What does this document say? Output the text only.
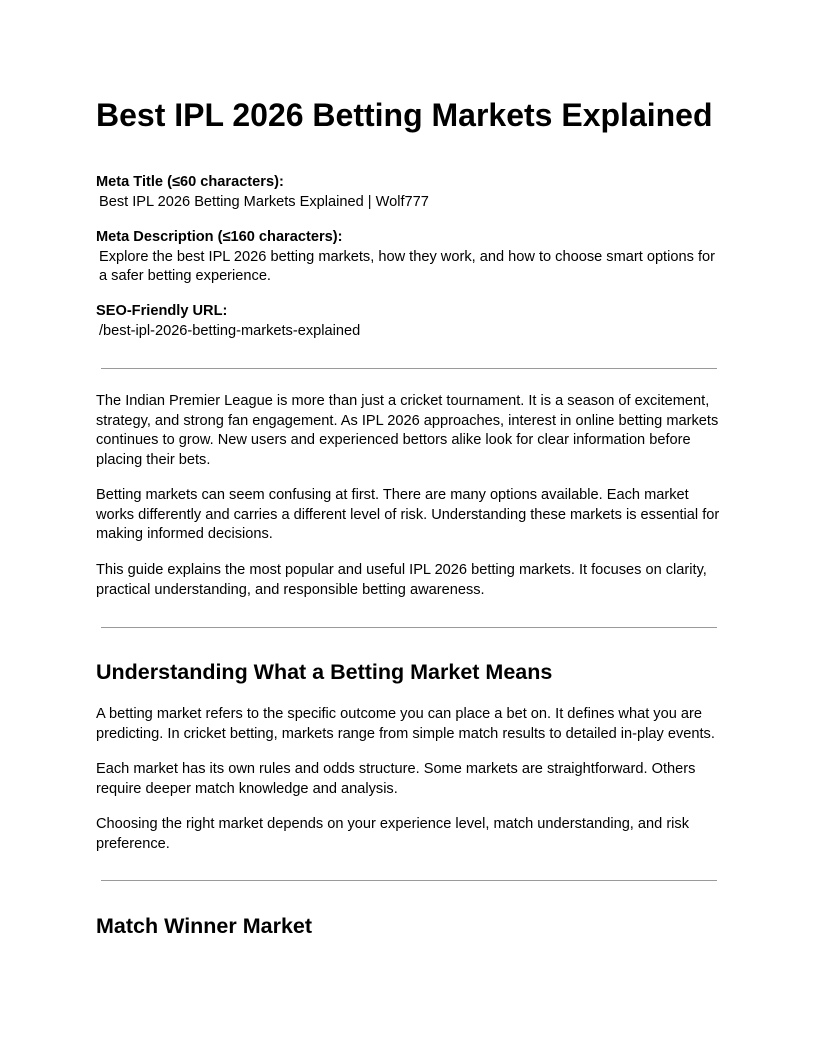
Best IPL 2026 Betting Markets Explained
Meta Title (≤60 characters):
Best IPL 2026 Betting Markets Explained | Wolf777
Meta Description (≤160 characters):
Explore the best IPL 2026 betting markets, how they work, and how to choose smart options for a safer betting experience.
SEO-Friendly URL:
/best-ipl-2026-betting-markets-explained

The Indian Premier League is more than just a cricket tournament. It is a season of excitement, strategy, and strong fan engagement. As IPL 2026 approaches, interest in online betting markets continues to grow. New users and experienced bettors alike look for clear information before placing their bets.

Betting markets can seem confusing at first. There are many options available. Each market works differently and carries a different level of risk. Understanding these markets is essential for making informed decisions.

This guide explains the most popular and useful IPL 2026 betting markets. It focuses on clarity, practical understanding, and responsible betting awareness.

Understanding What a Betting Market Means

A betting market refers to the specific outcome you can place a bet on. It defines what you are predicting. In cricket betting, markets range from simple match results to detailed in-play events.

Each market has its own rules and odds structure. Some markets are straightforward. Others require deeper match knowledge and analysis.

Choosing the right market depends on your experience level, match understanding, and risk preference.

Match Winner Market
